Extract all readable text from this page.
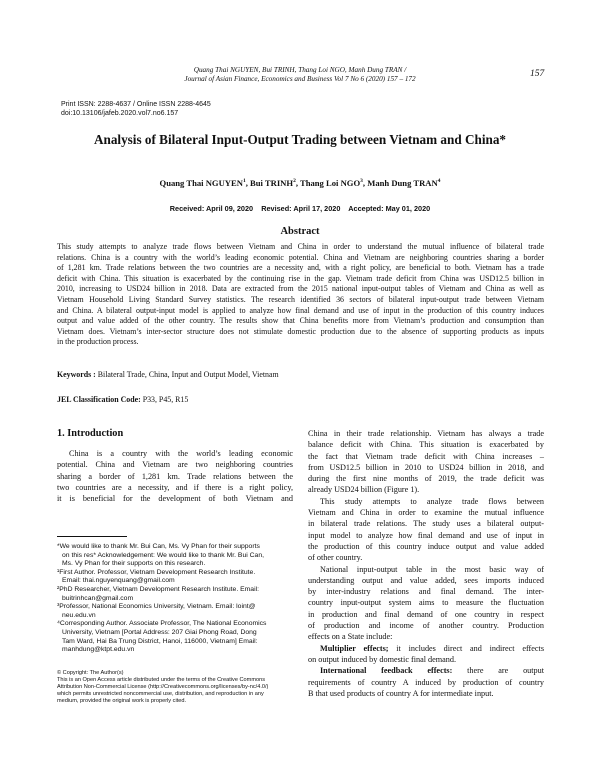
Quang Thai NGUYEN, Bui TRINH, Thang Loi NGO, Manh Dung TRAN /
Journal of Asian Finance, Economics and Business Vol 7 No 6 (2020) 157 – 172	157
Print ISSN: 2288-4637 / Online ISSN 2288-4645
doi:10.13106/jafeb.2020.vol7.no6.157
Analysis of Bilateral Input-Output Trading between Vietnam and China*
Quang Thai NGUYEN$^1$, Bui TRINH$^2$, Thang Loi NGO$^3$, Manh Dung TRAN$^4$
Received: April 09, 2020 Revised: April 17, 2020 Accepted: May 01, 2020
Abstract
This study attempts to analyze trade flows between Vietnam and China in order to understand the mutual influence of bilateral trade
relations. China is a country with the world’s leading economic potential. China and Vietnam are neighboring countries sharing a border
of 1,281 km. Trade relations between the two countries are a necessity and, with a right policy, are beneficial to both. Vietnam has a trade
deficit with China. This situation is exacerbated by the continuing rise in the gap. Vietnam trade deficit from China was USD12.5 billion in
2010, increasing to USD24 billion in 2018. Data are extracted from the 2015 national input-output tables of Vietnam and China as well as
Vietnam Household Living Standard Survey statistics. The research identified 36 sectors of bilateral input-output trade between Vietnam
and China. A bilateral output-input model is applied to analyze how final demand and use of input in the production of this country induces
output and value added of the other country. The results show that China benefits more from Vietnam’s production and consumption than
Vietnam does. Vietnam’s inter-sector structure does not stimulate domestic production due to the absence of supporting products as inputs
in the production process.
Keywords : Bilateral Trade, China, Input and Output Model, Vietnam
JEL Classification Code: P33, P45, R15
1. Introduction
China is a country with the world’s leading economic
potential. China and Vietnam are two neighboring countries
sharing a border of 1,281 km. Trade relations between the
two countries are a necessity, and if there is a right policy,
it is beneficial for the development of both Vietnam and
*We would like to thank Mr. Bui Can, Ms. Vy Phan for their supports
on this res* Acknowledgement: We would like to thank Mr. Bui Can,
Ms. Vy Phan for their supports on this research.
¹First Author. Professor, Vietnam Development Research Institute.
Email: thai.nguyenquang@gmail.com
²PhD Researcher, Vietnam Development Research Institute. Email:
buitrinhcan@gmail.com
³Professor, National Economics University, Vietnam. Email: loint@
neu.edu.vn
⁴Corresponding Author. Associate Professor, The National Economics
University, Vietnam [Portal Address: 207 Giai Phong Road, Dong
Tam Ward, Hai Ba Trung District, Hanoi, 116000, Vietnam] Email:
manhdung@ktpt.edu.vn
© Copyright: The Author(s)
This is an Open Access article distributed under the terms of the Creative Commons
Attribution Non-Commercial License (http://Creativecommons.org/licenses/by-nc/4.0/)
which permits unrestricted noncommercial use, distribution, and reproduction in any
medium, provided the original work is properly cited.
China in their trade relationship. Vietnam has always a trade
balance deficit with China. This situation is exacerbated by
the fact that Vietnam trade deficit with China increases –
from USD12.5 billion in 2010 to USD24 billion in 2018, and
during the first nine months of 2019, the trade deficit was
already USD24 billion (Figure 1).
This study attempts to analyze trade flows between
Vietnam and China in order to examine the mutual influence
in bilateral trade relations. The study uses a bilateral output-
input model to analyze how final demand and use of input in
the production of this country induce output and value added
of other country.
National input-output table in the most basic way of
understanding output and value added, sees imports induced
by inter-industry relations and final demand. The inter-
country input-output system aims to measure the fluctuation
in production and final demand of one country in respect
of production and income of another country. Production
effects on a State include:
Multiplier effects; it includes direct and indirect effects
on output induced by domestic final demand.
International feedback effects: there are output
requirements of country A induced by production of country
B that used products of country A for intermediate input.
